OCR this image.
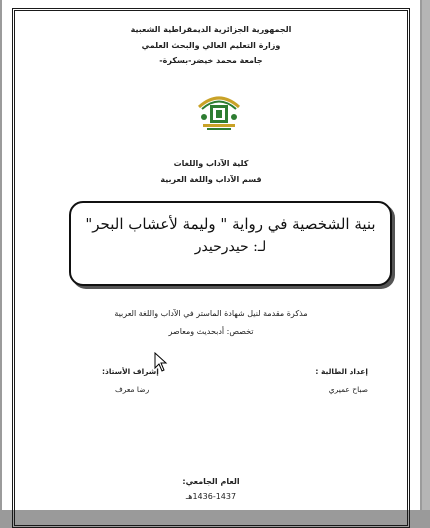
الجمهورية الجزائرية الديمقراطية الشعبية
وزارة التعليم العالي والبحث العلمي
جامعة محمد خيضر-بسكرة-
كلية الآداب واللغات
قسم الآداب واللغة العربية
بنية الشخصية في رواية " وليمة لأعشاب البحر"
لـ: حيدرحيدر
مذكرة مقدمة لنيل شهادة الماستر في الآداب واللغة العربية
تخصص: أدبحديث ومعاصر
إعداد الطالبة :
صباح عميري
إشراف الأستاذ:
رضا معرف
العام الجامعي:
1436-1437هـ
